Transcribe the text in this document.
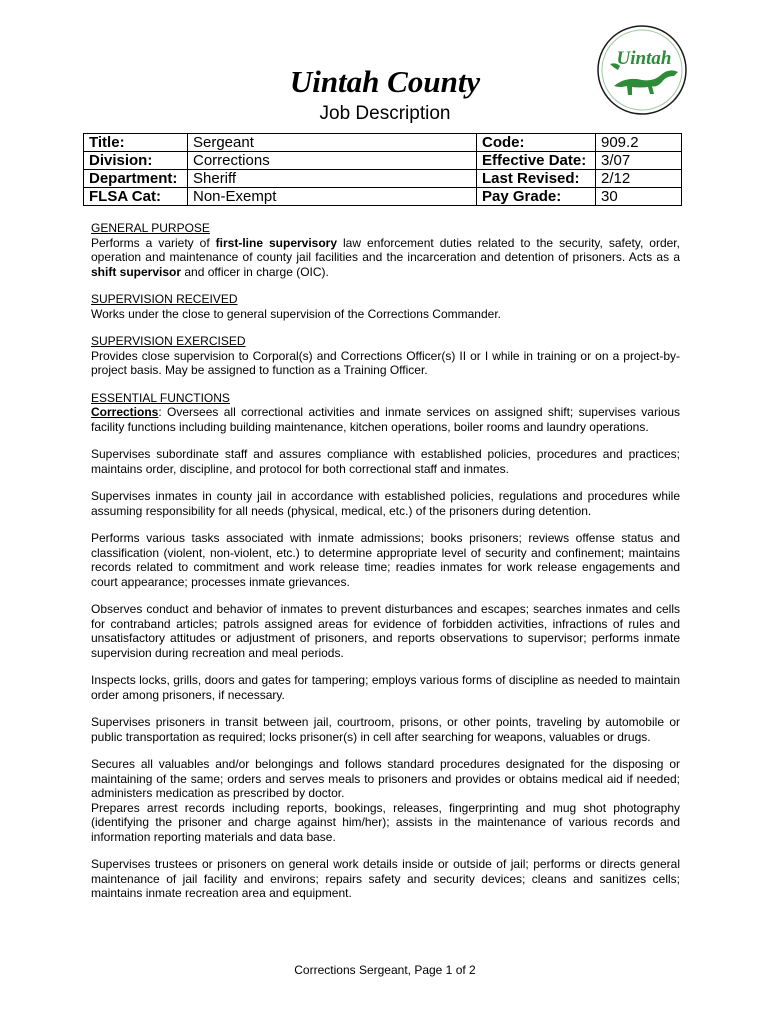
Uintah
Uintah County
Job Description
Title:	Sergeant	Code:	909.2
Division:	Corrections	Effective Date:	3/07
Department:	Sheriff	Last Revised:	2/12
FLSA Cat:	Non-Exempt	Pay Grade:	30

GENERAL PURPOSE
Performs a variety of first-line supervisory law enforcement duties related to the security, safety, order, operation and maintenance of county jail facilities and the incarceration and detention of prisoners. Acts as a shift supervisor and officer in charge (OIC).

SUPERVISION RECEIVED
Works under the close to general supervision of the Corrections Commander.

SUPERVISION EXERCISED
Provides close supervision to Corporal(s) and Corrections Officer(s) II or I while in training or on a project-by-project basis. May be assigned to function as a Training Officer.

ESSENTIAL FUNCTIONS
Corrections: Oversees all correctional activities and inmate services on assigned shift; supervises various facility functions including building maintenance, kitchen operations, boiler rooms and laundry operations.

Supervises subordinate staff and assures compliance with established policies, procedures and practices; maintains order, discipline, and protocol for both correctional staff and inmates.

Supervises inmates in county jail in accordance with established policies, regulations and procedures while assuming responsibility for all needs (physical, medical, etc.) of the prisoners during detention.

Performs various tasks associated with inmate admissions; books prisoners; reviews offense status and classification (violent, non-violent, etc.) to determine appropriate level of security and confinement; maintains records related to commitment and work release time; readies inmates for work release engagements and court appearance; processes inmate grievances.

Observes conduct and behavior of inmates to prevent disturbances and escapes; searches inmates and cells for contraband articles; patrols assigned areas for evidence of forbidden activities, infractions of rules and unsatisfactory attitudes or adjustment of prisoners, and reports observations to supervisor; performs inmate supervision during recreation and meal periods.

Inspects locks, grills, doors and gates for tampering; employs various forms of discipline as needed to maintain order among prisoners, if necessary.

Supervises prisoners in transit between jail, courtroom, prisons, or other points, traveling by automobile or public transportation as required; locks prisoner(s) in cell after searching for weapons, valuables or drugs.

Secures all valuables and/or belongings and follows standard procedures designated for the disposing or maintaining of the same; orders and serves meals to prisoners and provides or obtains medical aid if needed; administers medication as prescribed by doctor.

Prepares arrest records including reports, bookings, releases, fingerprinting and mug shot photography (identifying the prisoner and charge against him/her); assists in the maintenance of various records and information reporting materials and data base.

Supervises trustees or prisoners on general work details inside or outside of jail; performs or directs general maintenance of jail facility and environs; repairs safety and security devices; cleans and sanitizes cells; maintains inmate recreation area and equipment.

Corrections Sergeant, Page 1 of 2
